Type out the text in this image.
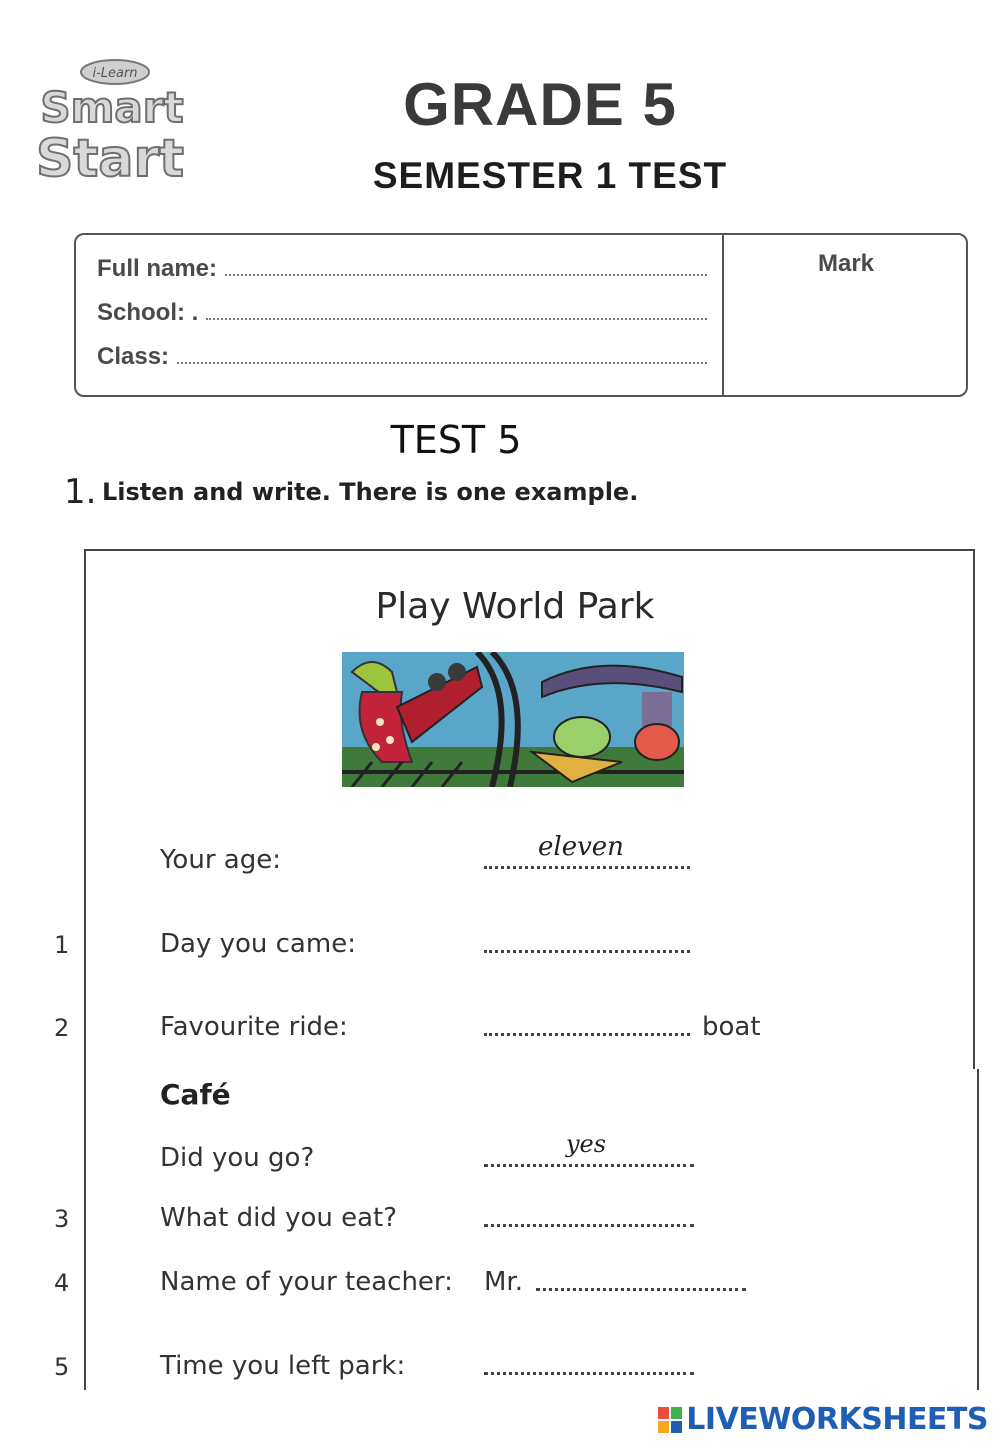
i-Learn
Smart
Start
GRADE 5
SEMESTER 1 TEST
Full name:
School: .
Class:
Mark
TEST 5
1. Listen and write. There is one example.
Play World Park
Your age:	eleven
1	Day you came:
2	Favourite ride:	boat
Café
Did you go?	yes
3	What did you eat?
4	Name of your teacher: Mr.
5	Time you left park:
LIVEWORKSHEETS
